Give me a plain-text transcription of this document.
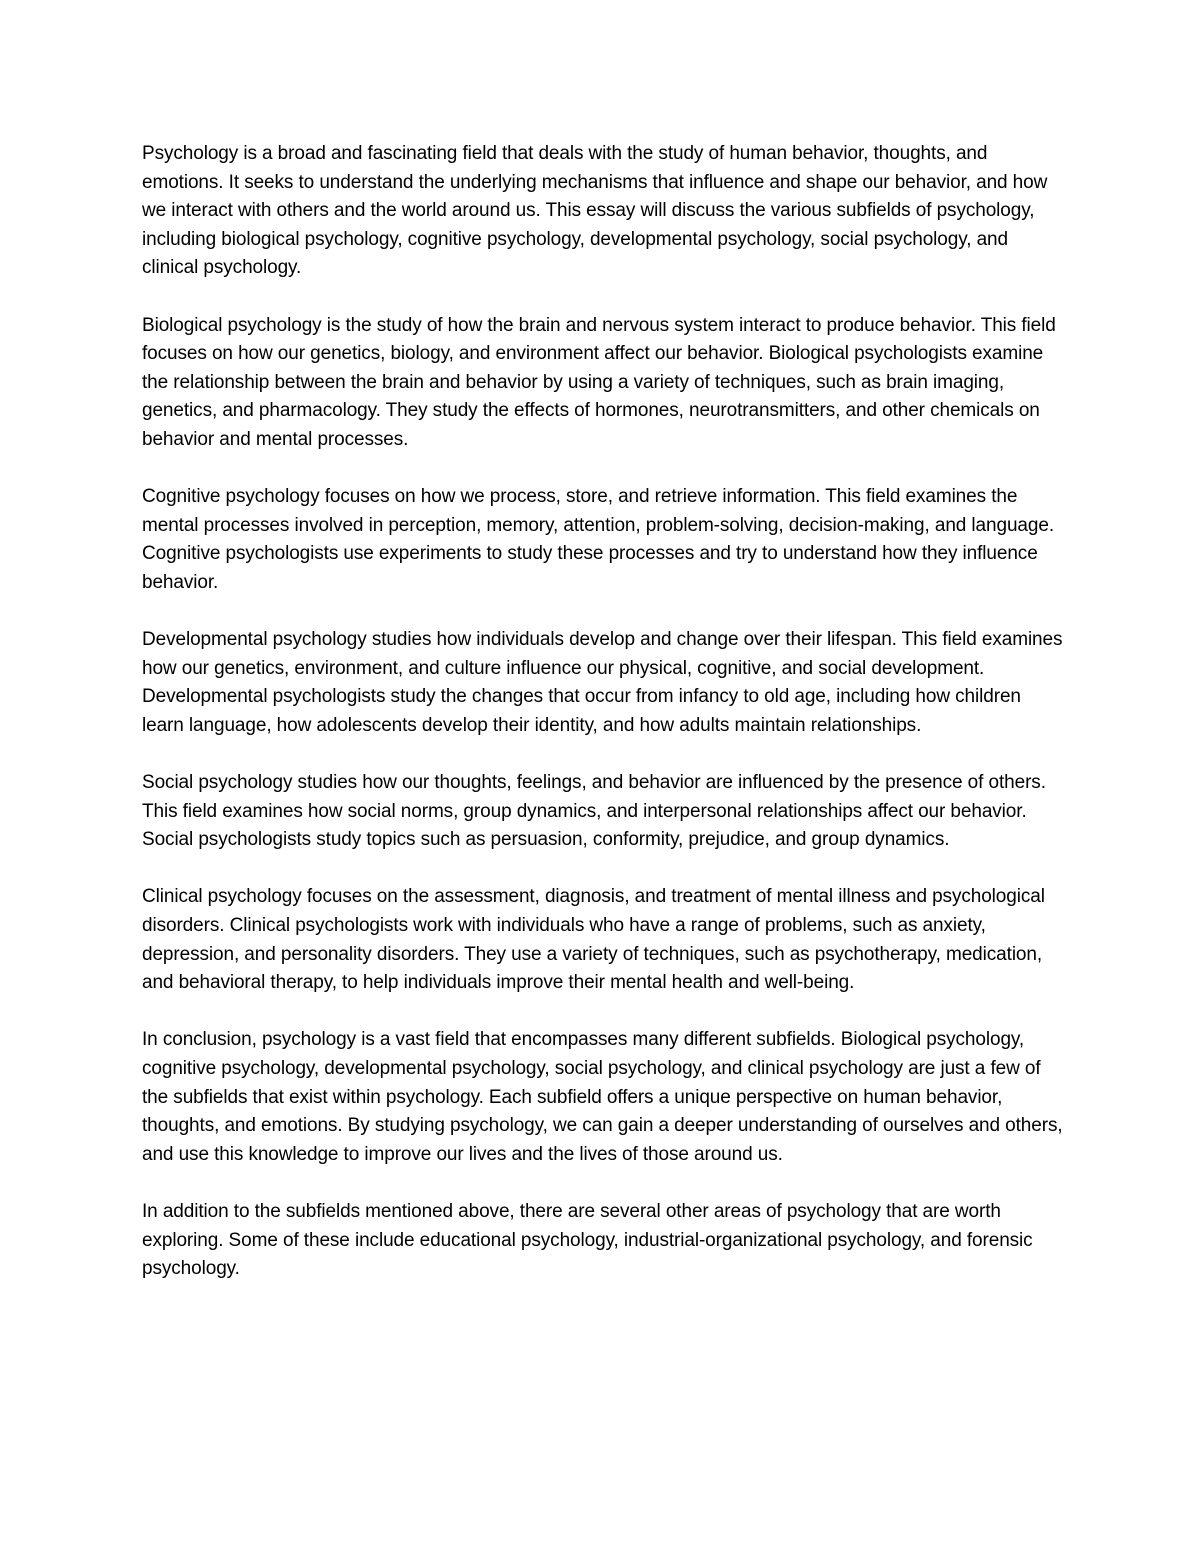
Psychology is a broad and fascinating field that deals with the study of human behavior, thoughts, and emotions. It seeks to understand the underlying mechanisms that influence and shape our behavior, and how we interact with others and the world around us. This essay will discuss the various subfields of psychology, including biological psychology, cognitive psychology, developmental psychology, social psychology, and clinical psychology.

Biological psychology is the study of how the brain and nervous system interact to produce behavior. This field focuses on how our genetics, biology, and environment affect our behavior. Biological psychologists examine the relationship between the brain and behavior by using a variety of techniques, such as brain imaging, genetics, and pharmacology. They study the effects of hormones, neurotransmitters, and other chemicals on behavior and mental processes.

Cognitive psychology focuses on how we process, store, and retrieve information. This field examines the mental processes involved in perception, memory, attention, problem-solving, decision-making, and language. Cognitive psychologists use experiments to study these processes and try to understand how they influence behavior.

Developmental psychology studies how individuals develop and change over their lifespan. This field examines how our genetics, environment, and culture influence our physical, cognitive, and social development. Developmental psychologists study the changes that occur from infancy to old age, including how children learn language, how adolescents develop their identity, and how adults maintain relationships.

Social psychology studies how our thoughts, feelings, and behavior are influenced by the presence of others. This field examines how social norms, group dynamics, and interpersonal relationships affect our behavior. Social psychologists study topics such as persuasion, conformity, prejudice, and group dynamics.

Clinical psychology focuses on the assessment, diagnosis, and treatment of mental illness and psychological disorders. Clinical psychologists work with individuals who have a range of problems, such as anxiety, depression, and personality disorders. They use a variety of techniques, such as psychotherapy, medication, and behavioral therapy, to help individuals improve their mental health and well-being.

In conclusion, psychology is a vast field that encompasses many different subfields. Biological psychology, cognitive psychology, developmental psychology, social psychology, and clinical psychology are just a few of the subfields that exist within psychology. Each subfield offers a unique perspective on human behavior, thoughts, and emotions. By studying psychology, we can gain a deeper understanding of ourselves and others, and use this knowledge to improve our lives and the lives of those around us.

In addition to the subfields mentioned above, there are several other areas of psychology that are worth exploring. Some of these include educational psychology, industrial-organizational psychology, and forensic psychology.
